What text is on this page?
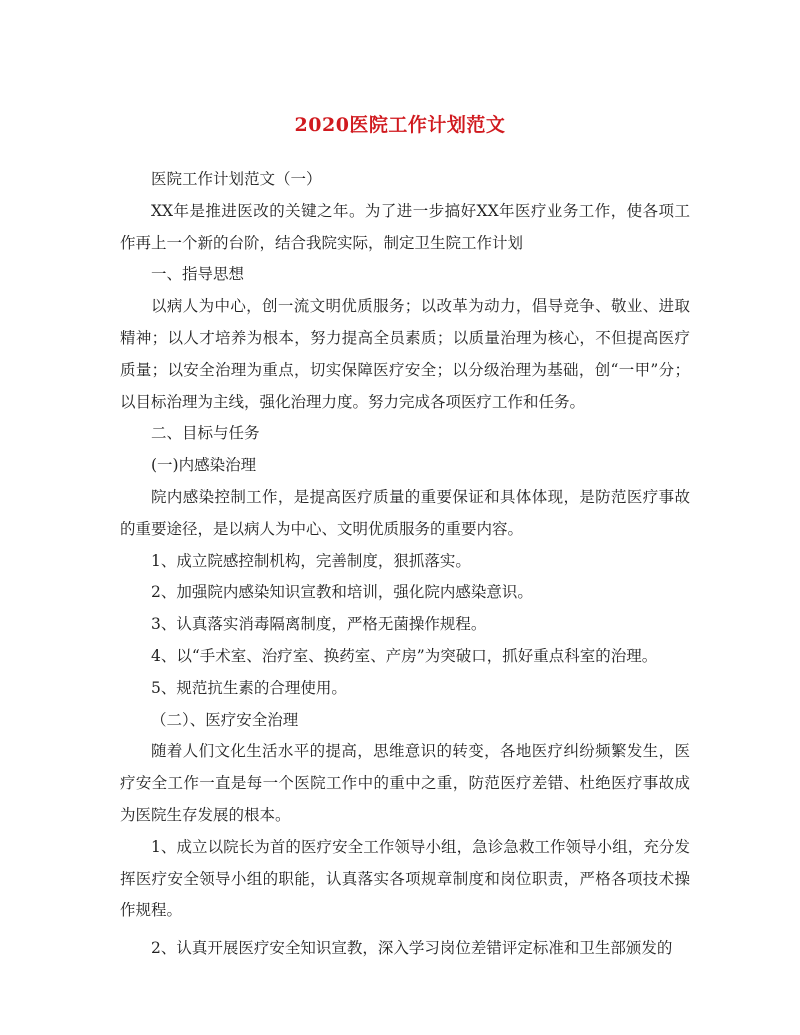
2020医院工作计划范文

医院工作计划范文（一）

XX年是推进医改的关键之年。为了进一步搞好XX年医疗业务工作，使各项工作再上一个新的台阶，结合我院实际，制定卫生院工作计划

一、指导思想

以病人为中心，创一流文明优质服务；以改革为动力，倡导竞争、敬业、进取精神；以人才培养为根本，努力提高全员素质；以质量治理为核心，不但提高医疗质量；以安全治理为重点，切实保障医疗安全；以分级治理为基础，创“一甲”分；以目标治理为主线，强化治理力度。努力完成各项医疗工作和任务。

二、目标与任务

(一)内感染治理

院内感染控制工作，是提高医疗质量的重要保证和具体体现，是防范医疗事故的重要途径，是以病人为中心、文明优质服务的重要内容。

1、成立院感控制机构，完善制度，狠抓落实。

2、加强院内感染知识宣教和培训，强化院内感染意识。

3、认真落实消毒隔离制度，严格无菌操作规程。

4、以“手术室、治疗室、换药室、产房”为突破口，抓好重点科室的治理。

5、规范抗生素的合理使用。

（二）、医疗安全治理

随着人们文化生活水平的提高，思维意识的转变，各地医疗纠纷频繁发生，医疗安全工作一直是每一个医院工作中的重中之重，防范医疗差错、杜绝医疗事故成为医院生存发展的根本。

1、成立以院长为首的医疗安全工作领导小组，急诊急救工作领导小组，充分发挥医疗安全领导小组的职能，认真落实各项规章制度和岗位职责，严格各项技术操作规程。

2、认真开展医疗安全知识宣教，深入学习岗位差错评定标准和卫生部颁发的
